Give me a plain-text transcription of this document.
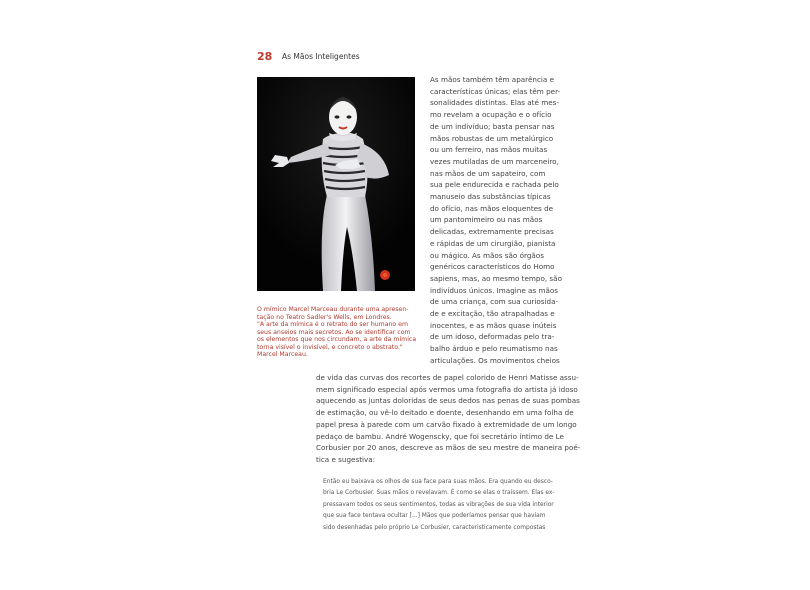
28 As Mãos Inteligentes
O mímico Marcel Marceau durante uma apresen-
tação no Teatro Sadler's Wells, em Londres.
"A arte da mímica é o retrato do ser humano em
seus anseios mais secretos. Ao se identificar com
os elementos que nos circundam, a arte da mímica
torna visível o invisível, e concreto o abstrato."
Marcel Marceau.
As mãos também têm aparência e
características únicas; elas têm per-
sonalidades distintas. Elas até mes-
mo revelam a ocupação e o ofício
de um indivíduo; basta pensar nas
mãos robustas de um metalúrgico
ou um ferreiro, nas mãos muitas
vezes mutiladas de um marceneiro,
nas mãos de um sapateiro, com
sua pele endurecida e rachada pelo
manuseio das substâncias típicas
do ofício, nas mãos eloquentes de
um pantomimeiro ou nas mãos
delicadas, extremamente precisas
e rápidas de um cirurgião, pianista
ou mágico. As mãos são órgãos
genéricos característicos do Homo
sapiens, mas, ao mesmo tempo, são
indivíduos únicos. Imagine as mãos
de uma criança, com sua curiosida-
de e excitação, tão atrapalhadas e
inocentes, e as mãos quase inúteis
de um idoso, deformadas pelo tra-
balho árduo e pelo reumatismo nas
articulações. Os movimentos cheios
de vida das curvas dos recortes de papel colorido de Henri Matisse assu-
mem significado especial após vermos uma fotografia do artista já idoso
aquecendo as juntas doloridas de seus dedos nas penas de suas pombas
de estimação, ou vê-lo deitado e doente, desenhando em uma folha de
papel presa à parede com um carvão fixado à extremidade de um longo
pedaço de bambu. André Wogenscky, que foi secretário íntimo de Le
Corbusier por 20 anos, descreve as mãos de seu mestre de maneira poé-
tica e sugestiva:
Então eu baixava os olhos de sua face para suas mãos. Era quando eu desco-
bria Le Corbusier. Suas mãos o revelavam. É como se elas o traíssem. Elas ex-
pressavam todos os seus sentimentos, todas as vibrações de sua vida interior
que sua face tentava ocultar [...] Mãos que poderíamos pensar que haviam
sido desenhadas pelo próprio Le Corbusier, caracteristicamente compostas
